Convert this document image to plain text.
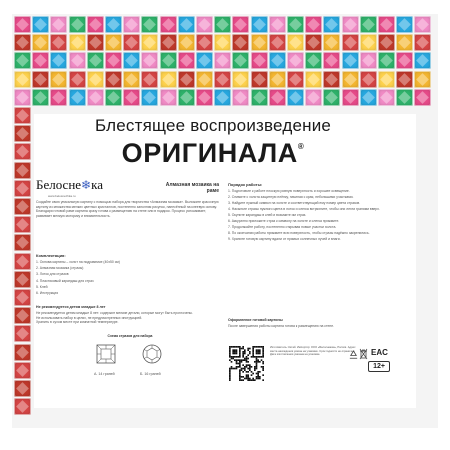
Блестящее воспроизведение
ОРИГИНАЛА®
Белосне❄ка
www.belosnezhka.ru
Алмазная мозаика на раме
Создайте свою уникальную картину с помощью набора для творчества «Алмазная мозаика». Выложите красочную картину из множества мелких цветных кристаллов, постепенно заполняя рисунок, нанесённый на клеевую основу. Благодаря готовой раме картина сразу готова к размещению на стене или в подарок. Процесс успокаивает, развивает мелкую моторику и внимательность.
Комплектация:
1. Основа картины – холст на подрамнике (40x50 см)
2. Алмазная мозаика (стразы)
3. Лоток для стразов
4. Пластиковый карандаш для страз
5. Клей
6. Инструкция
Не рекомендуется детям младше 8 лет
Не рекомендуется детям младше 8 лет: содержит мелкие детали, которые могут быть проглочены.
Не использовать набор в целях, не предусмотренных инструкцией.
Хранить в сухом месте при комнатной температуре.
Схема стразов для набора
А. 14 граней	Б. 16 граней
Порядок работы:
1. Подготовьте к работе плоскую ровную поверхность и хорошее освещение.
2. Снимите с холста защитную плёнку, начиная с края, небольшими участками.
3. Найдите нужный символ на холсте и соответствующий ему номер цвета стразов.
4. Насыпьте стразы нужного цвета в лоток и слегка встряхните, чтобы они легли гранями вверх.
5. Окуните карандаш в клей и возьмите им страз.
6. Аккуратно приложите страз к символу на холсте и слегка прижмите.
7. Продолжайте работу, постепенно открывая новые участки холста.
8. По окончании работы прижмите всю поверхность, чтобы стразы надёжно закрепились.
9. Храните готовую картину вдали от прямых солнечных лучей и влаги.
Оформление готовой картины
После завершения работы картина готова к размещению на стене.
Изготовитель: Китай. Импортёр: ООО «Белоснежка», Россия. Адрес места нахождения указан на упаковке. Срок годности не ограничен. Дата изготовления указана на упаковке.	EAC
12+
